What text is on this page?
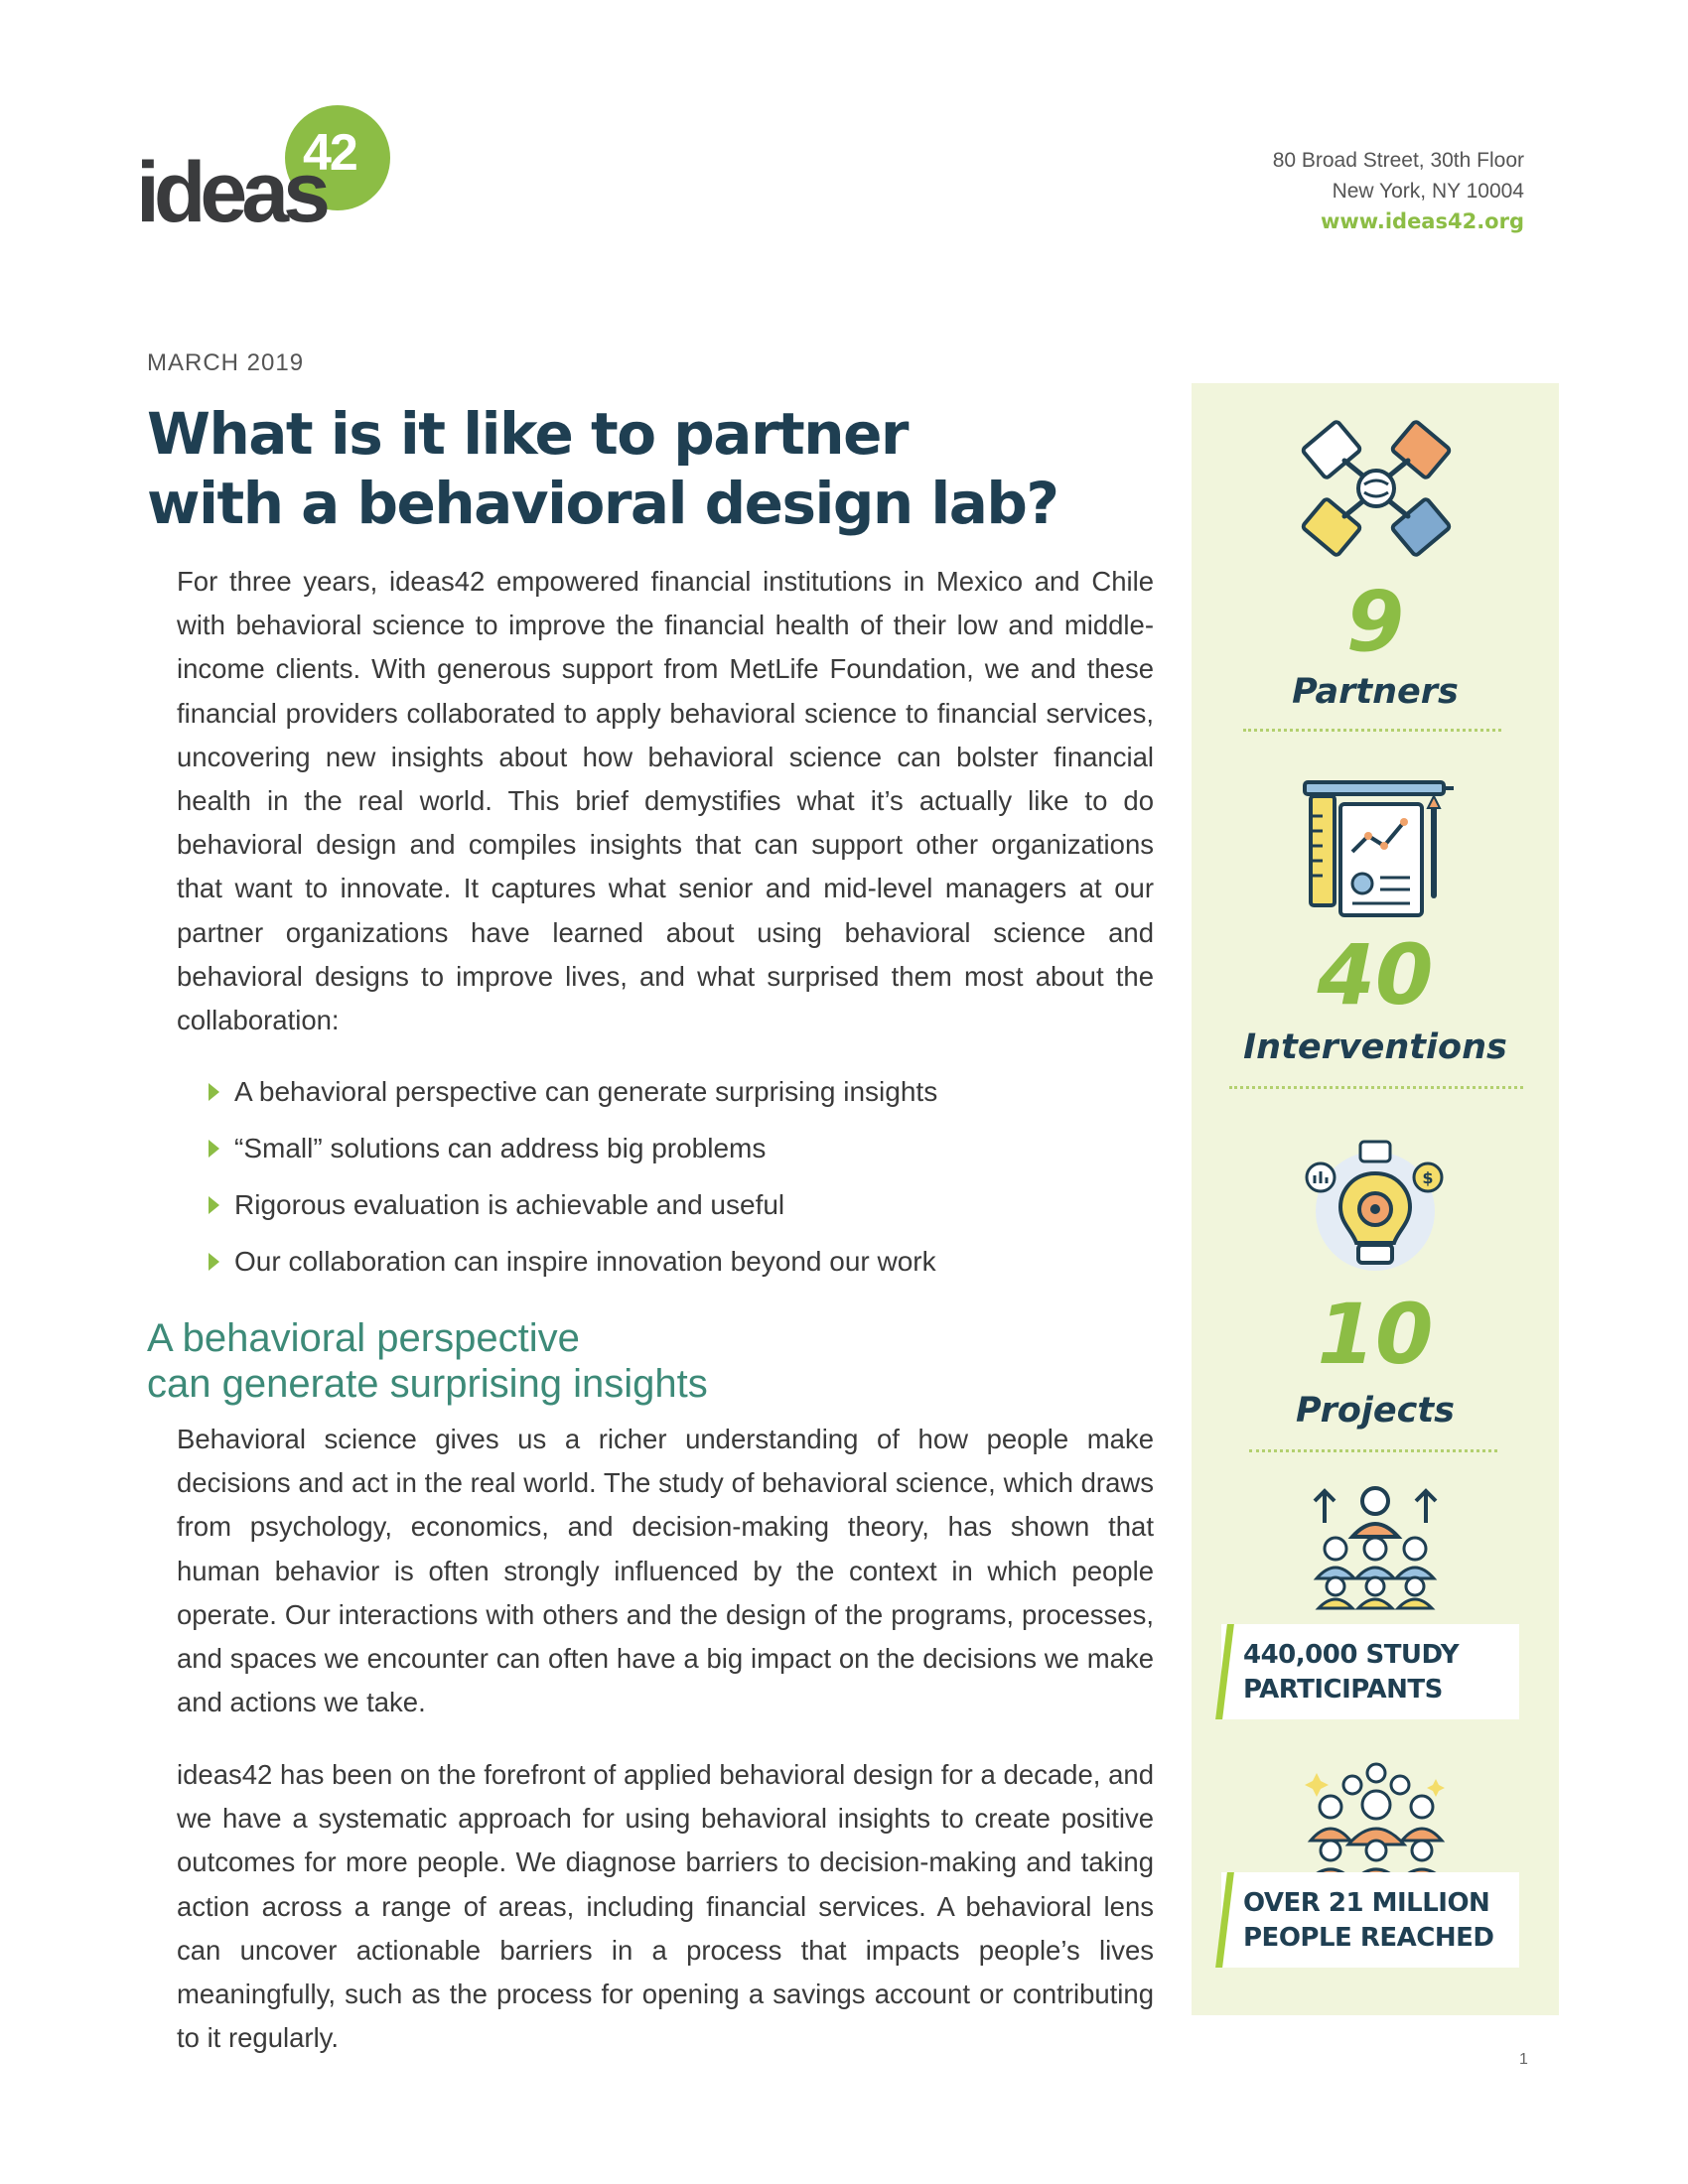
42
ideas	80 Broad Street, 30th Floor
New York, NY 10004
www.ideas42.org
MARCH 2019
What is it like to partner
with a behavioral design lab?

For three years, ideas42 empowered financial institutions in Mexico and Chile with behavioral science to improve the financial health of their low and middle-income clients. With generous support from MetLife Foundation, we and these financial providers collaborated to apply behavioral science to financial services, uncovering new insights about how behavioral science can bolster financial health in the real world. This brief demystifies what it’s actually like to do behavioral design and compiles insights that can support other organizations that want to innovate. It captures what senior and mid-level managers at our partner organizations have learned about using behavioral science and behavioral designs to improve lives, and what surprised them most about the collaboration:

A behavioral perspective can generate surprising insights
“Small” solutions can address big problems
Rigorous evaluation is achievable and useful
Our collaboration can inspire innovation beyond our work
A behavioral perspective
can generate surprising insights

Behavioral science gives us a richer understanding of how people make decisions and act in the real world. The study of behavioral science, which draws from psychology, economics, and decision-making theory, has shown that human behavior is often strongly influenced by the context in which people operate. Our interactions with others and the design of the programs, processes, and spaces we encounter can often have a big impact on the decisions we make and actions we take.

ideas42 has been on the forefront of applied behavioral design for a decade, and we have a systematic approach for using behavioral insights to create positive outcomes for more people. We diagnose barriers to decision-making and taking action across a range of areas, including financial services. A behavioral lens can uncover actionable barriers in a process that impacts people’s lives meaningfully, such as the process for opening a savings account or contributing to it regularly.

9
Partners
40
Interventions
$
10
Projects

440,000 STUDY
PARTICIPANTS

OVER 21 MILLION
PEOPLE REACHED

1
